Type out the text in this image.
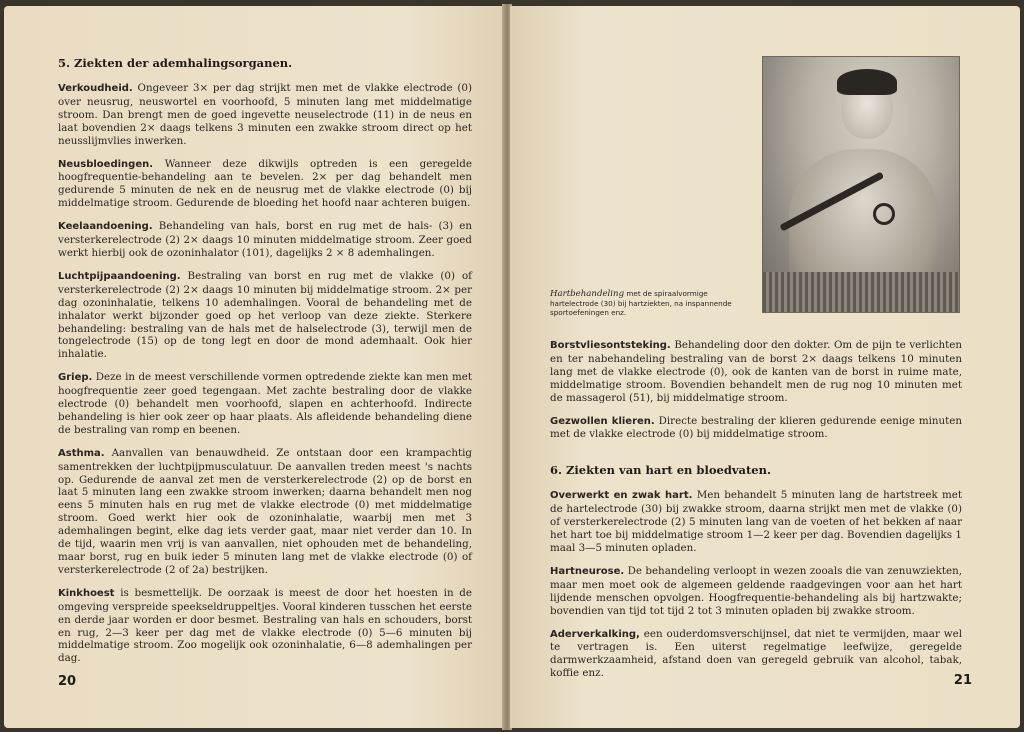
5. Ziekten der ademhalingsorganen.

Verkoudheid. Ongeveer 3× per dag strijkt men met de vlakke electrode (0) over neusrug, neuswortel en voorhoofd, 5 minuten lang met middelmatige stroom. Dan brengt men de goed ingevette neuselectrode (11) in de neus en laat bovendien 2× daags telkens 3 minuten een zwakke stroom direct op het neusslijmvlies inwerken.

Neusbloedingen. Wanneer deze dikwijls optreden is een geregelde hoogfrequentie-behandeling aan te bevelen. 2× per dag behandelt men gedurende 5 minuten de nek en de neusrug met de vlakke electrode (0) bij middelmatige stroom. Gedurende de bloeding het hoofd naar achteren buigen.

Keelaandoening. Behandeling van hals, borst en rug met de hals- (3) en versterkerelectrode (2) 2× daags 10 minuten middelmatige stroom. Zeer goed werkt hierbij ook de ozoninhalator (101), dagelijks 2 × 8 ademhalingen.

Luchtpijpaandoening. Bestraling van borst en rug met de vlakke (0) of versterkerelectrode (2) 2× daags 10 minuten bij middelmatige stroom. 2× per dag ozoninhalatie, telkens 10 ademhalingen. Vooral de behandeling met de inhalator werkt bijzonder goed op het verloop van deze ziekte. Sterkere behandeling: bestraling van de hals met de halselectrode (3), terwijl men de tongelectrode (15) op de tong legt en door de mond ademhaalt. Ook hier inhalatie.

Griep. Deze in de meest verschillende vormen optredende ziekte kan men met hoogfrequentie zeer goed tegengaan. Met zachte bestraling door de vlakke electrode (0) behandelt men voorhoofd, slapen en achterhoofd. Indirecte behandeling is hier ook zeer op haar plaats. Als afleidende behandeling diene de bestraling van romp en beenen.

Asthma. Aanvallen van benauwdheid. Ze ontstaan door een krampachtig samentrekken der luchtpijpmusculatuur. De aanvallen treden meest 's nachts op. Gedurende de aanval zet men de versterkerelectrode (2) op de borst en laat 5 minuten lang een zwakke stroom inwerken; daarna behandelt men nog eens 5 minuten hals en rug met de vlakke electrode (0) met middelmatige stroom. Goed werkt hier ook de ozoninhalatie, waarbij men met 3 ademhalingen begint, elke dag iets verder gaat, maar niet verder dan 10. In de tijd, waarin men vrij is van aanvallen, niet ophouden met de behandeling, maar borst, rug en buik ieder 5 minuten lang met de vlakke electrode (0) of versterkerelectrode (2 of 2a) bestrijken.

Kinkhoest is besmettelijk. De oorzaak is meest de door het hoesten in de omgeving verspreide speekseldruppeltjes. Vooral kinderen tusschen het eerste en derde jaar worden er door besmet. Bestraling van hals en schouders, borst en rug, 2—3 keer per dag met de vlakke electrode (0) 5—6 minuten bij middelmatige stroom. Zoo mogelijk ook ozoninhalatie, 6—8 ademhalingen per dag.

20
Hartbehandeling met de spiraalvormige hartelectrode (30) bij hartziekten, na inspannende sportoefeningen enz.

Borstvliesontsteking. Behandeling door den dokter. Om de pijn te verlichten en ter nabehandeling bestraling van de borst 2× daags telkens 10 minuten lang met de vlakke electrode (0), ook de kanten van de borst in ruime mate, middelmatige stroom. Bovendien behandelt men de rug nog 10 minuten met de massagerol (51), bij middelmatige stroom.

Gezwollen klieren. Directe bestraling der klieren gedurende eenige minuten met de vlakke electrode (0) bij middelmatige stroom.

6. Ziekten van hart en bloedvaten.

Overwerkt en zwak hart. Men behandelt 5 minuten lang de hartstreek met de hartelectrode (30) bij zwakke stroom, daarna strijkt men met de vlakke (0) of versterkerelectrode (2) 5 minuten lang van de voeten of het bekken af naar het hart toe bij middelmatige stroom 1—2 keer per dag. Bovendien dagelijks 1 maal 3—5 minuten opladen.

Hartneurose. De behandeling verloopt in wezen zooals die van zenuwziekten, maar men moet ook de algemeen geldende raadgevingen voor aan het hart lijdende menschen opvolgen. Hoogfrequentie-behandeling als bij hartzwakte; bovendien van tijd tot tijd 2 tot 3 minuten opladen bij zwakke stroom.

Aderverkalking, een ouderdomsverschijnsel, dat niet te vermijden, maar wel te vertragen is. Een uiterst regelmatige leefwijze, geregelde darmwerkzaamheid, afstand doen van geregeld gebruik van alcohol, tabak, koffie enz.	21
